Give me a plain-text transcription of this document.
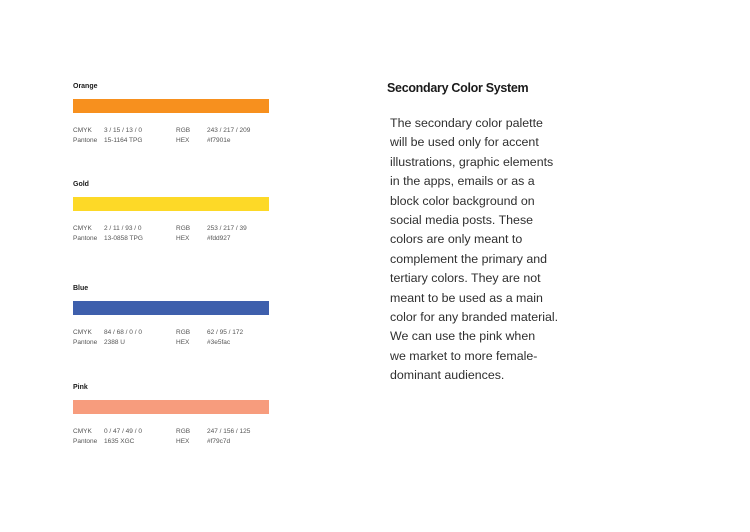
Orange
CMYK 3 / 15 / 13 / 0	RGB	243 / 217 / 209
Pantone 15-1164 TPG	HEX	#f7901e
Gold
CMYK 2 / 11 / 93 / 0	RGB	253 / 217 / 39
Pantone 13-0858 TPG	HEX	#fdd927
Blue
CMYK 84 / 68 / 0 / 0	RGB	62 / 95 / 172
Pantone 2388 U	HEX	#3e5fac
Pink
CMYK 0 / 47 / 49 / 0	RGB	247 / 156 / 125
Pantone 1635 XGC	HEX	#f79c7d
Secondary Color System
The secondary color palette
will be used only for accent
illustrations, graphic elements
in the apps, emails or as a
block color background on
social media posts. These
colors are only meant to
complement the primary and
tertiary colors. They are not
meant to be used as a main
color for any branded material.
We can use the pink when
we market to more female-
dominant audiences.
